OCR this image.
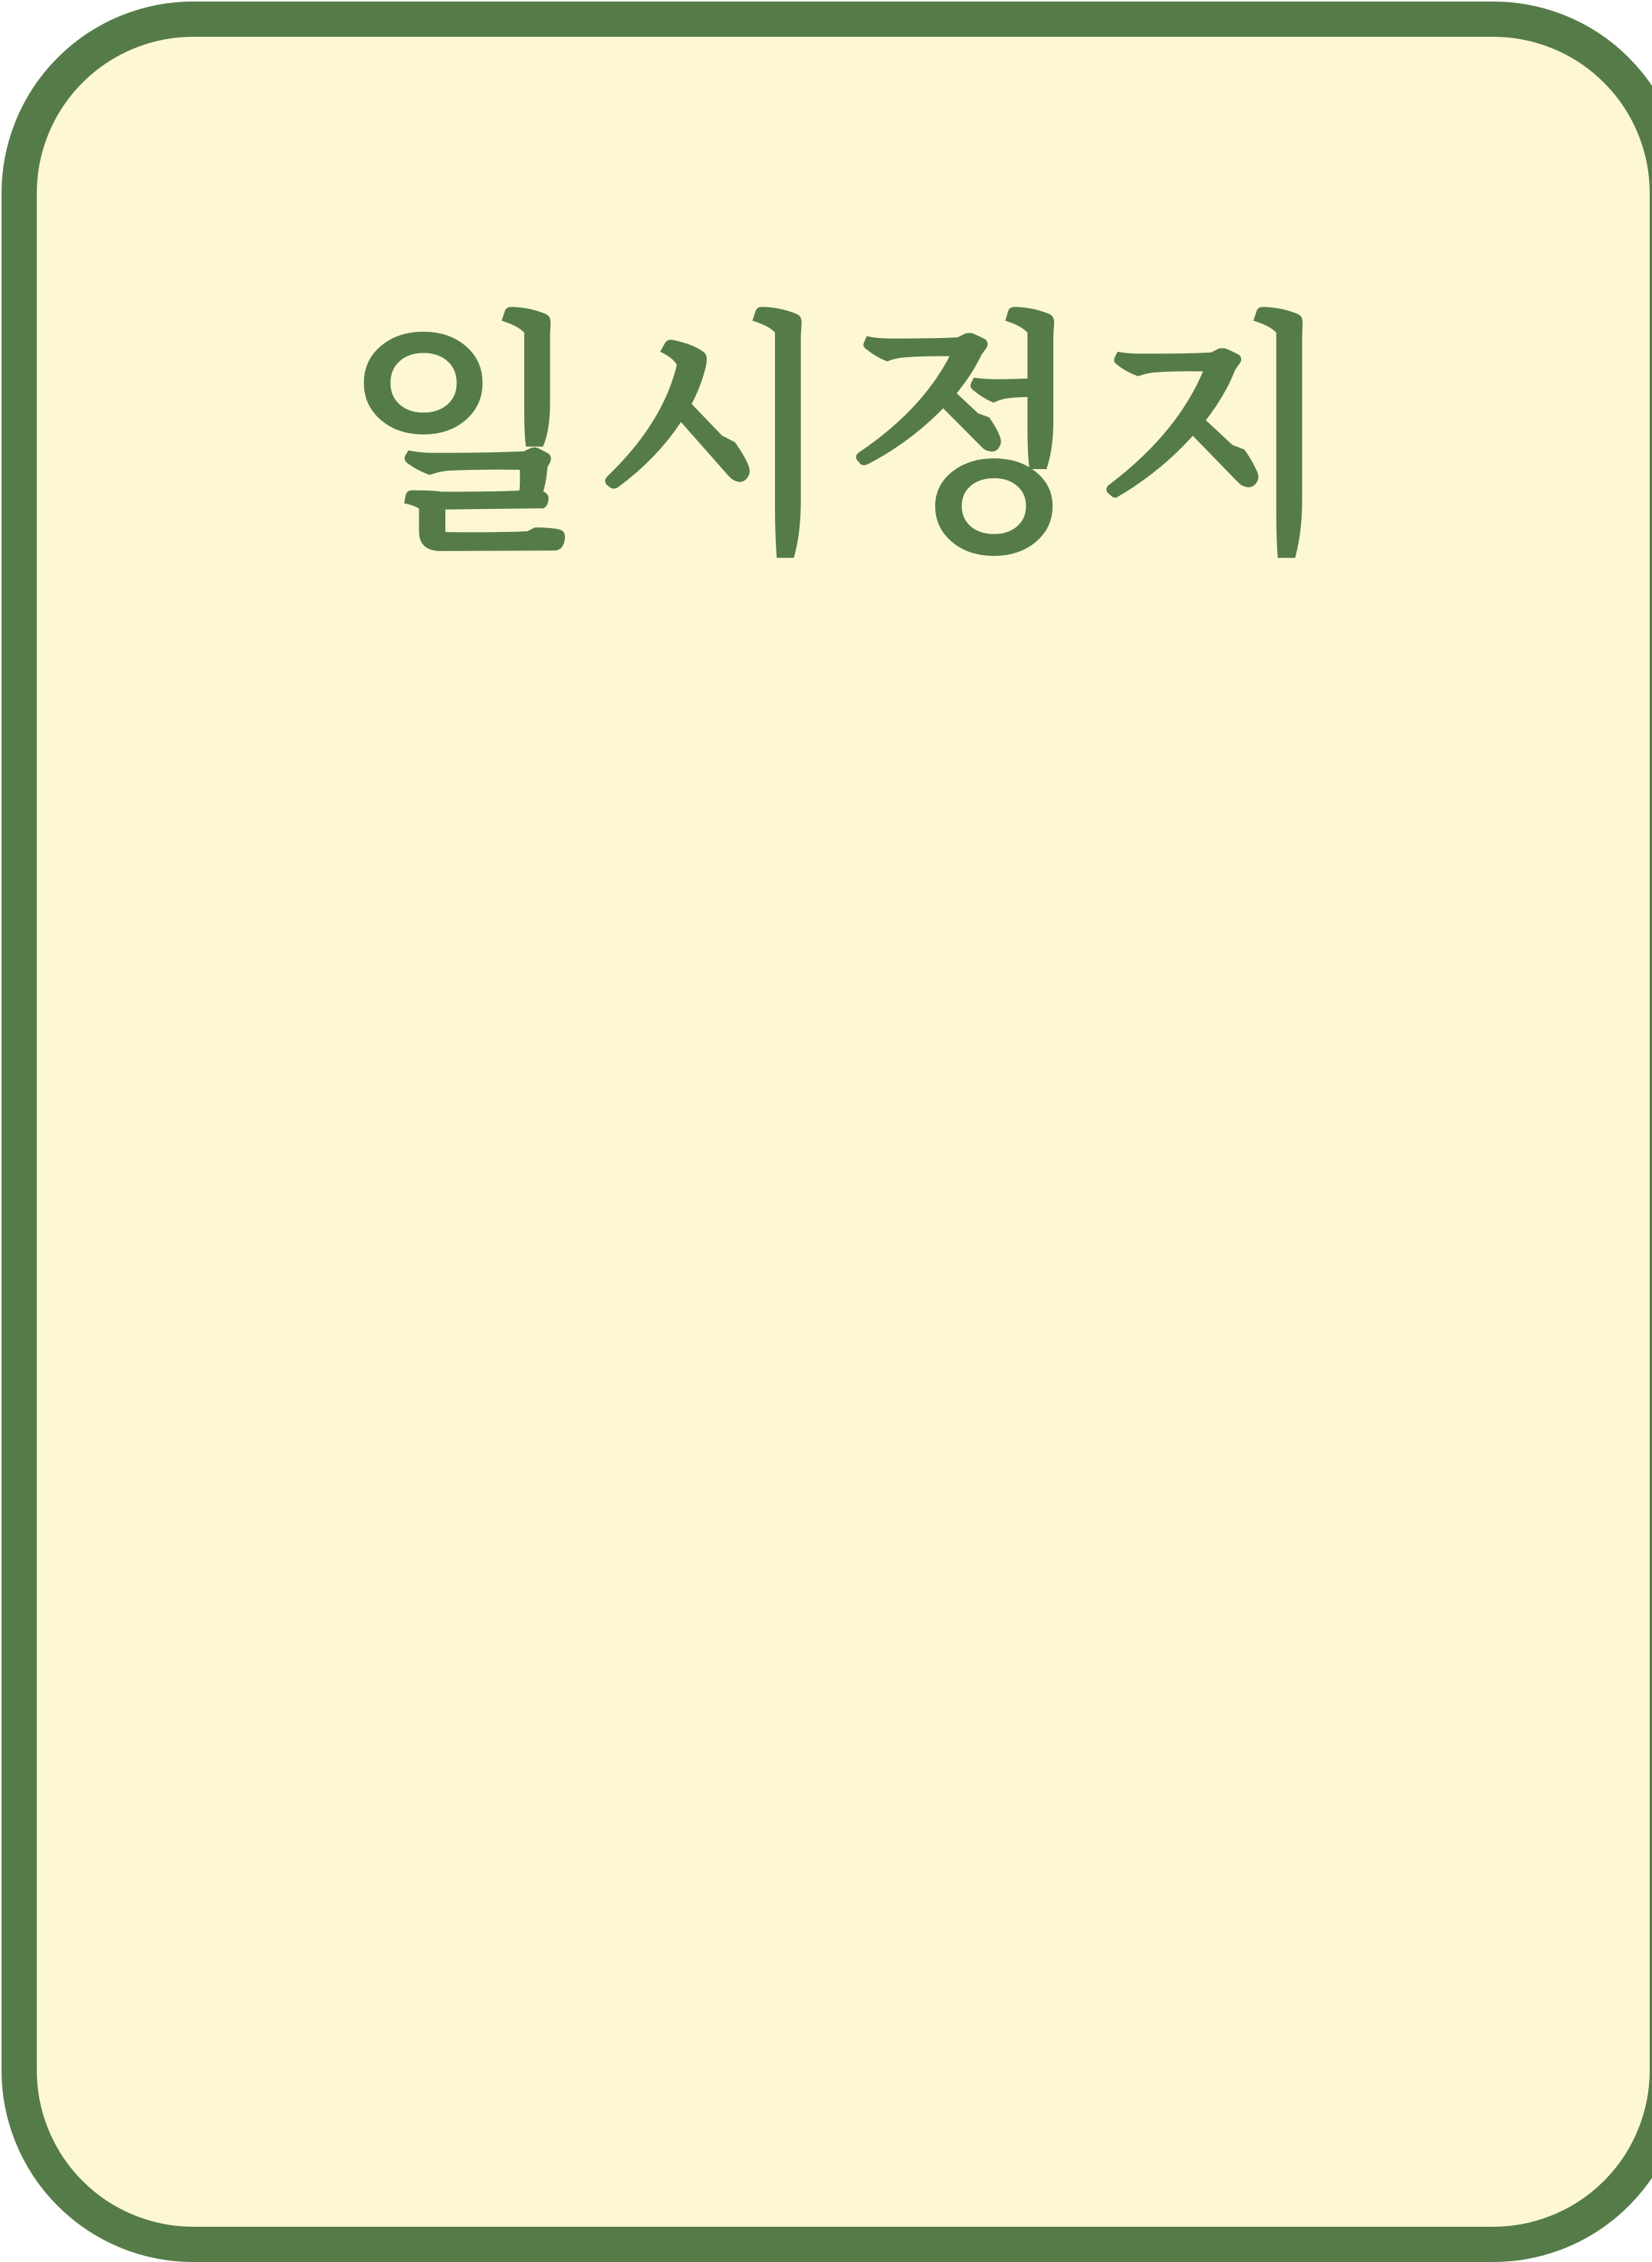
일시정지
